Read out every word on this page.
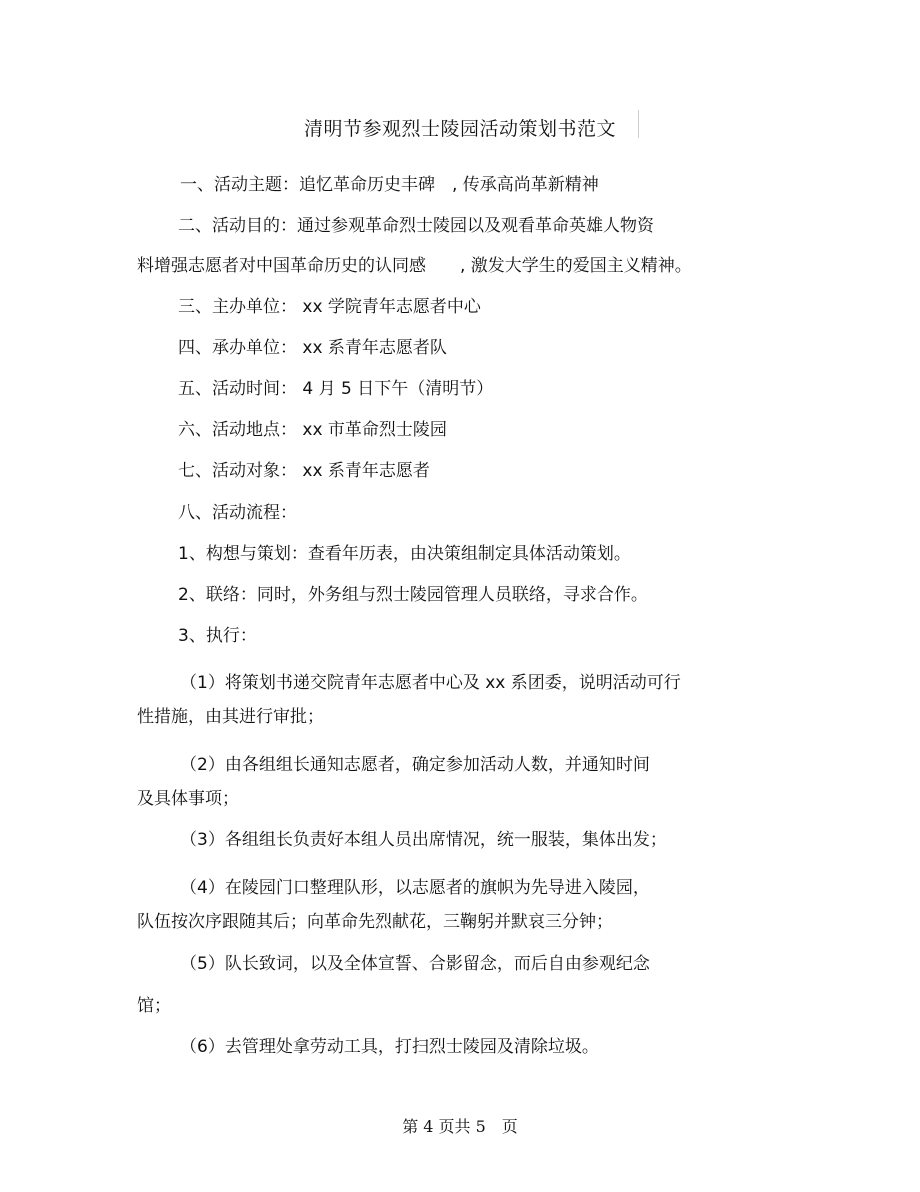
清明节参观烈士陵园活动策划书范文
一、活动主题：追忆革命历史丰碑　, 传承高尚革新精神
二、活动目的：通过参观革命烈士陵园以及观看革命英雄人物资
料增强志愿者对中国革命历史的认同感　　, 激发大学生的爱国主义精神。
三、主办单位： xx 学院青年志愿者中心
四、承办单位： xx 系青年志愿者队
五、活动时间： 4 月 5 日下午（清明节）
六、活动地点： xx 市革命烈士陵园
七、活动对象： xx 系青年志愿者
八、活动流程：
1、构想与策划：查看年历表，由决策组制定具体活动策划。
2、联络：同时，外务组与烈士陵园管理人员联络，寻求合作。
3、执行：
（1）将策划书递交院青年志愿者中心及 xx 系团委，说明活动可行
性措施，由其进行审批；
（2）由各组组长通知志愿者，确定参加活动人数，并通知时间
及具体事项；
（3）各组组长负责好本组人员出席情况，统一服装，集体出发；
（4）在陵园门口整理队形，以志愿者的旗帜为先导进入陵园，
队伍按次序跟随其后；向革命先烈献花，三鞠躬并默哀三分钟；
（5）队长致词，以及全体宣誓、合影留念，而后自由参观纪念
馆；
（6）去管理处拿劳动工具，打扫烈士陵园及清除垃圾。
第 4 页共 5　页
